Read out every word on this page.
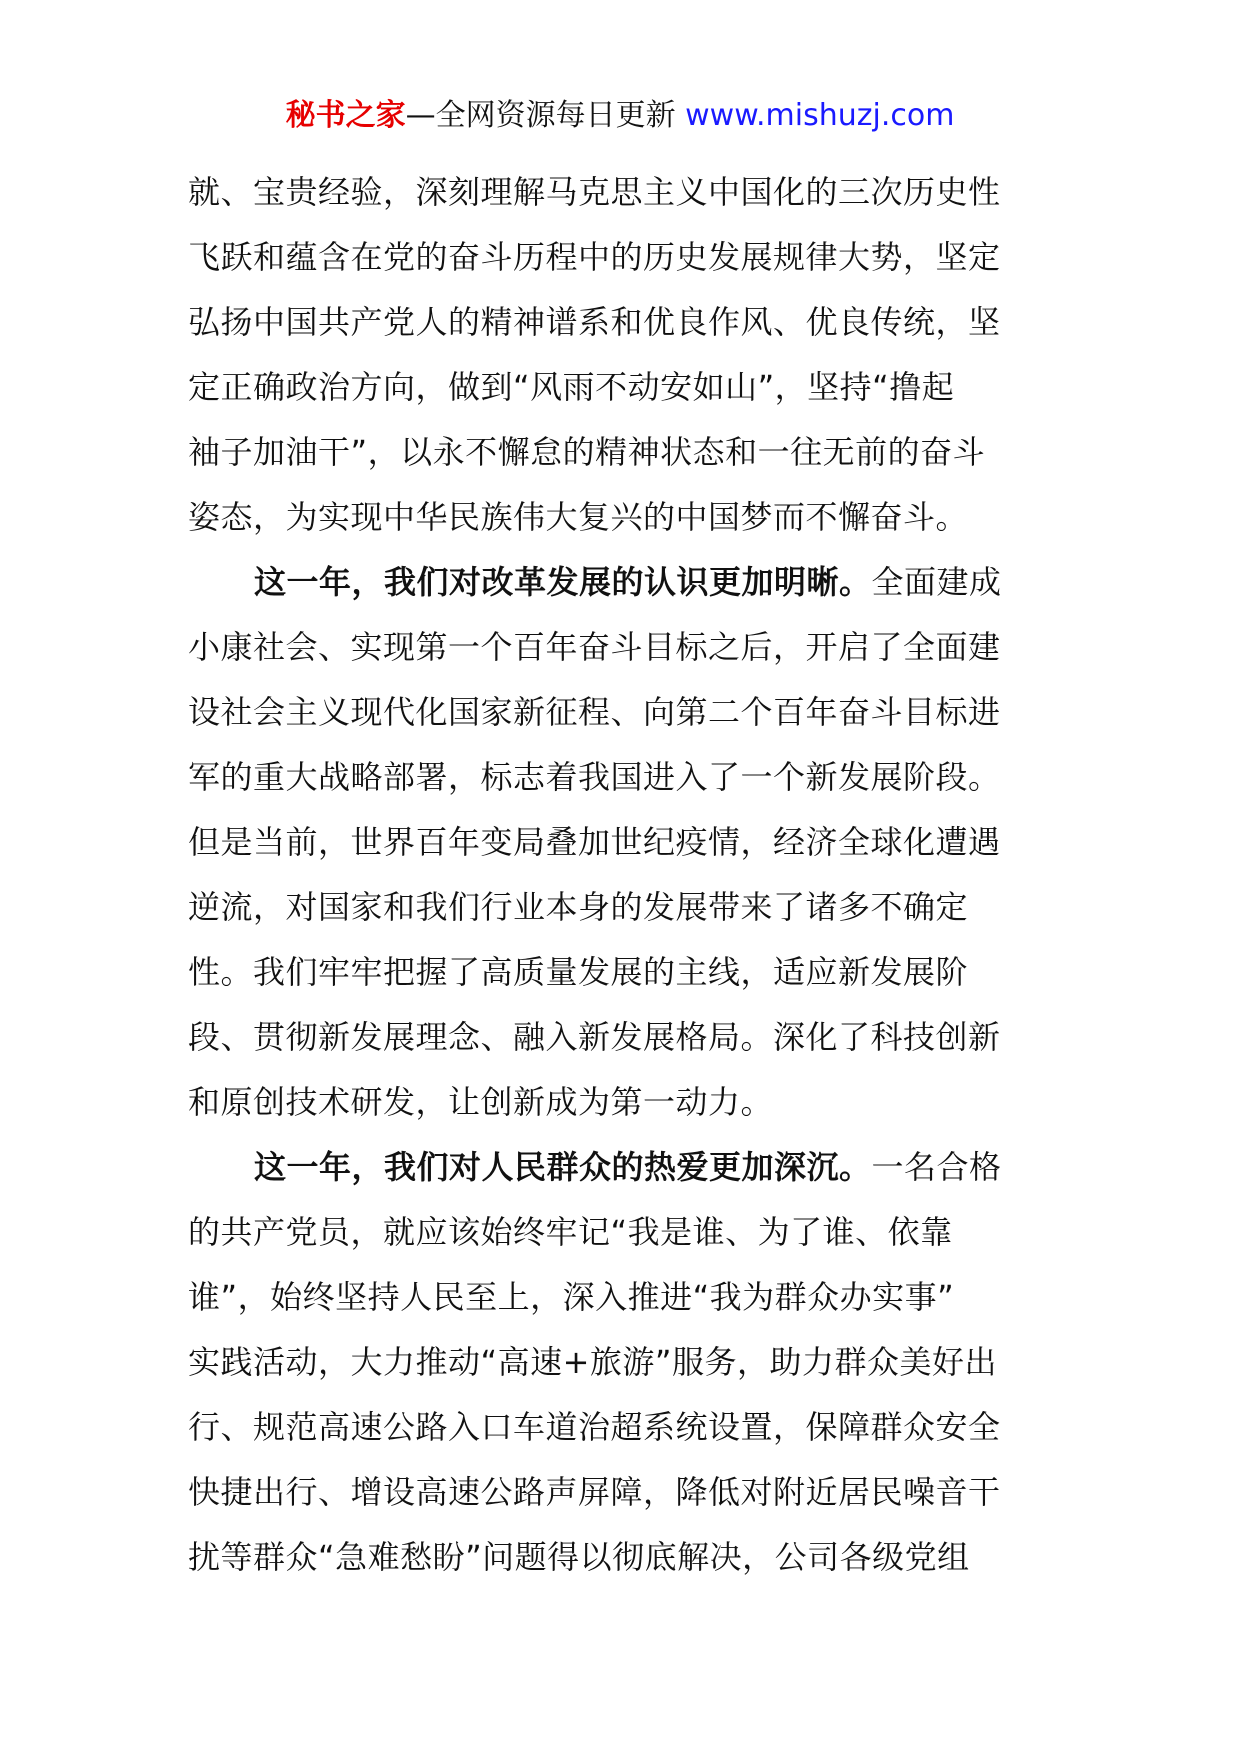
秘书之家—全网资源每日更新 www.mishuzj.com
就、宝贵经验，深刻理解马克思主义中国化的三次历史性
飞跃和蕴含在党的奋斗历程中的历史发展规律大势，坚定
弘扬中国共产党人的精神谱系和优良作风、优良传统，坚
定正确政治方向，做到“风雨不动安如山”，坚持“撸起
袖子加油干”，以永不懈怠的精神状态和一往无前的奋斗
姿态，为实现中华民族伟大复兴的中国梦而不懈奋斗。
这一年，我们对改革发展的认识更加明晰。全面建成
小康社会、实现第一个百年奋斗目标之后，开启了全面建
设社会主义现代化国家新征程、向第二个百年奋斗目标进
军的重大战略部署，标志着我国进入了一个新发展阶段。
但是当前，世界百年变局叠加世纪疫情，经济全球化遭遇
逆流，对国家和我们行业本身的发展带来了诸多不确定
性。我们牢牢把握了高质量发展的主线，适应新发展阶
段、贯彻新发展理念、融入新发展格局。深化了科技创新
和原创技术研发，让创新成为第一动力。
这一年，我们对人民群众的热爱更加深沉。一名合格
的共产党员，就应该始终牢记“我是谁、为了谁、依靠
谁”，始终坚持人民至上，深入推进“我为群众办实事”
实践活动，大力推动“高速+旅游”服务，助力群众美好出
行、规范高速公路入口车道治超系统设置，保障群众安全
快捷出行、增设高速公路声屏障，降低对附近居民噪音干
扰等群众“急难愁盼”问题得以彻底解决，公司各级党组
